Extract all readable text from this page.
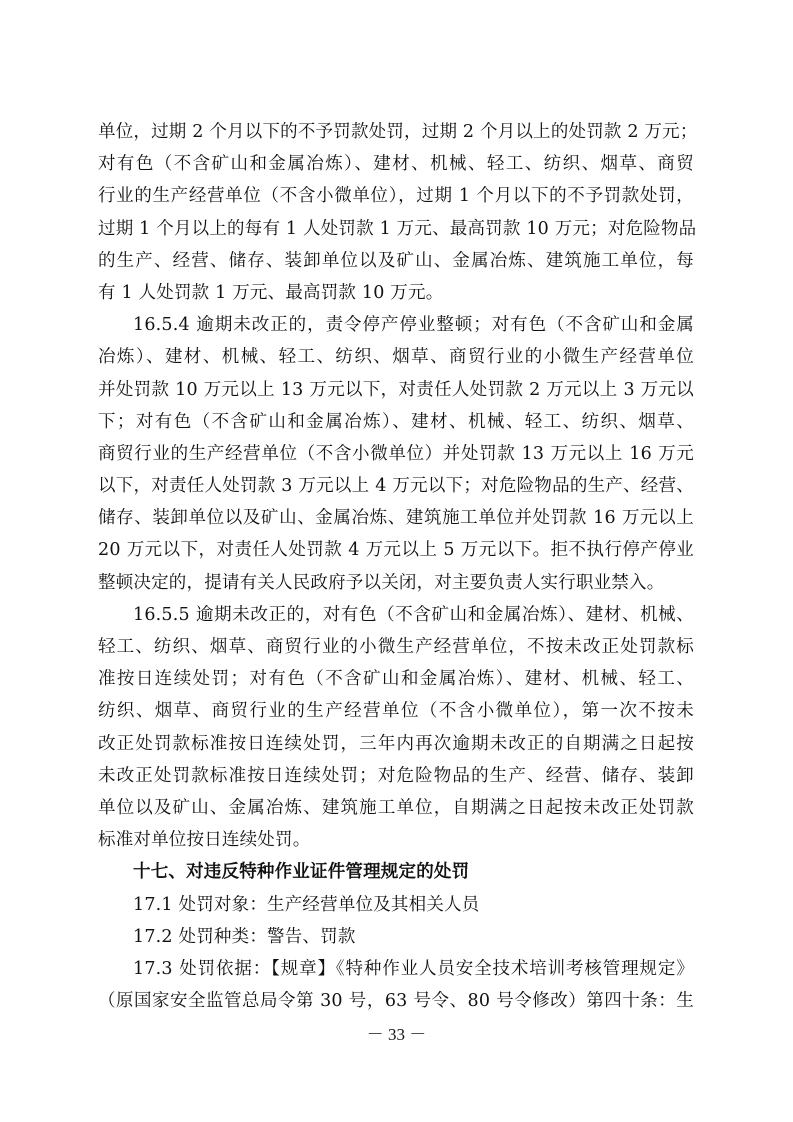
单位，过期 2 个月以下的不予罚款处罚，过期 2 个月以上的处罚款 2 万元；
对有色（不含矿山和金属冶炼）、建材、机械、轻工、纺织、烟草、商贸
行业的生产经营单位（不含小微单位），过期 1 个月以下的不予罚款处罚，
过期 1 个月以上的每有 1 人处罚款 1 万元、最高罚款 10 万元；对危险物品
的生产、经营、储存、装卸单位以及矿山、金属冶炼、建筑施工单位，每
有 1 人处罚款 1 万元、最高罚款 10 万元。
16.5.4 逾期未改正的，责令停产停业整顿；对有色（不含矿山和金属
冶炼）、建材、机械、轻工、纺织、烟草、商贸行业的小微生产经营单位
并处罚款 10 万元以上 13 万元以下，对责任人处罚款 2 万元以上 3 万元以
下；对有色（不含矿山和金属冶炼）、建材、机械、轻工、纺织、烟草、
商贸行业的生产经营单位（不含小微单位）并处罚款 13 万元以上 16 万元
以下，对责任人处罚款 3 万元以上 4 万元以下；对危险物品的生产、经营、
储存、装卸单位以及矿山、金属冶炼、建筑施工单位并处罚款 16 万元以上
20 万元以下，对责任人处罚款 4 万元以上 5 万元以下。拒不执行停产停业
整顿决定的，提请有关人民政府予以关闭，对主要负责人实行职业禁入。
16.5.5 逾期未改正的，对有色（不含矿山和金属冶炼）、建材、机械、
轻工、纺织、烟草、商贸行业的小微生产经营单位，不按未改正处罚款标
准按日连续处罚；对有色（不含矿山和金属冶炼）、建材、机械、轻工、
纺织、烟草、商贸行业的生产经营单位（不含小微单位），第一次不按未
改正处罚款标准按日连续处罚，三年内再次逾期未改正的自期满之日起按
未改正处罚款标准按日连续处罚；对危险物品的生产、经营、储存、装卸
单位以及矿山、金属冶炼、建筑施工单位，自期满之日起按未改正处罚款
标准对单位按日连续处罚。
十七、对违反特种作业证件管理规定的处罚
17.1 处罚对象：生产经营单位及其相关人员
17.2 处罚种类：警告、罚款
17.3 处罚依据：【规章】《特种作业人员安全技术培训考核管理规定》
（原国家安全监管总局令第 30 号，63 号令、80 号令修改）第四十条：生
－ 33 －
